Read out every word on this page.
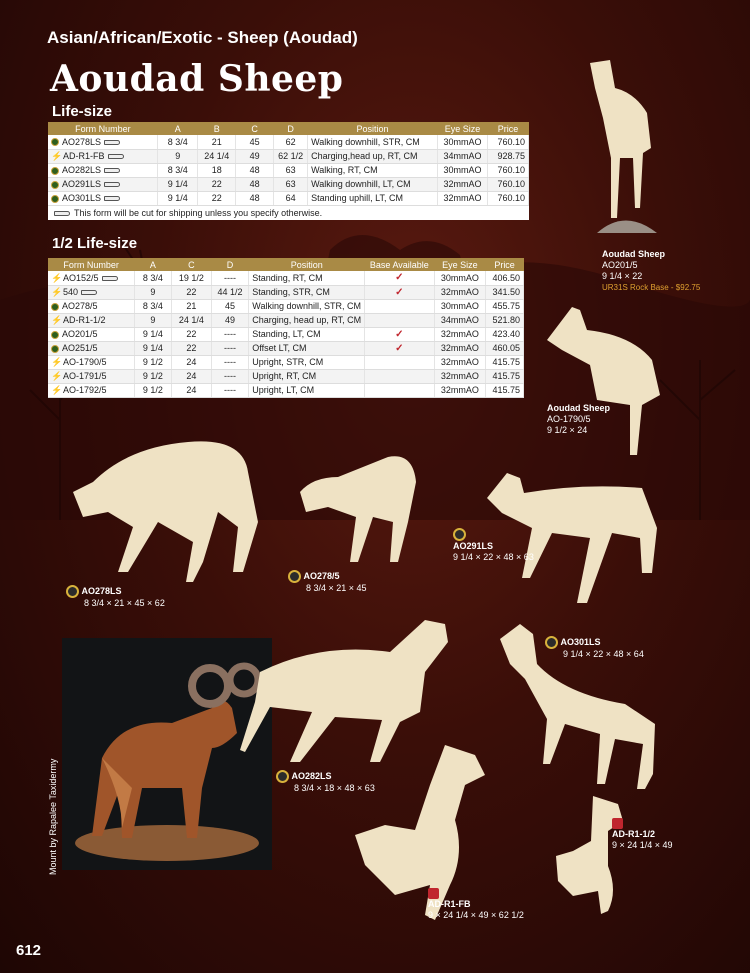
Asian/African/Exotic - Sheep (Aoudad)
Aoudad Sheep
Life-size
Form Number	A	B	C	D	Position	Eye Size	Price
AO278LS	8 3/4	21	45	62	Walking downhill, STR, CM	30mmAO	760.10
⚡AD-R1-FB	9	24 1/4	49	62 1/2	Charging,head up, RT, CM	34mmAO	928.75
AO282LS	8 3/4	18	48	63	Walking, RT, CM	30mmAO	760.10
AO291LS	9 1/4	22	48	63	Walking downhill, LT, CM	32mmAO	760.10
AO301LS	9 1/4	22	48	64	Standing uphill, LT, CM	32mmAO	760.10
This form will be cut for shipping unless you specify otherwise.
1/2 Life-size
Form Number	A	C	D	Position	Base Available	Eye Size	Price
⚡AO152/5	8 3/4	19 1/2	----	Standing, RT, CM	✓	30mmAO	406.50
⚡540	9	22	44 1/2	Standing, STR, CM	✓	32mmAO	341.50
AO278/5	8 3/4	21	45	Walking downhill, STR, CM		30mmAO	455.75
⚡AD-R1-1/2	9	24 1/4	49	Charging, head up, RT, CM		34mmAO	521.80
AO201/5	9 1/4	22	----	Standing, LT, CM	✓	32mmAO	423.40
AO251/5	9 1/4	22	----	Offset LT, CM	✓	32mmAO	460.05
⚡AO-1790/5	9 1/2	24	----	Upright, STR, CM		32mmAO	415.75
⚡AO-1791/5	9 1/2	24	----	Upright, RT, CM		32mmAO	415.75
⚡AO-1792/5	9 1/2	24	----	Upright, LT, CM		32mmAO	415.75
Mount by Rapalee Taxidermy
Aoudad Sheep
AO201/5
9 1/4 × 22
UR31S Rock Base - $92.75
Aoudad Sheep
AO-1790/5
9 1/2 × 24
AO278LS
8 3/4 × 21 × 45 × 62
AO278/5
8 3/4 × 21 × 45

AO291LS
9 1/4 × 22 × 48 × 63
AO282LS
8 3/4 × 18 × 48 × 63
AO301LS
9 1/4 × 22 × 48 × 64

AD-R1-FB
9 × 24 1/4 × 49 × 62 1/2

AD-R1-1/2
9 × 24 1/4 × 49
612
